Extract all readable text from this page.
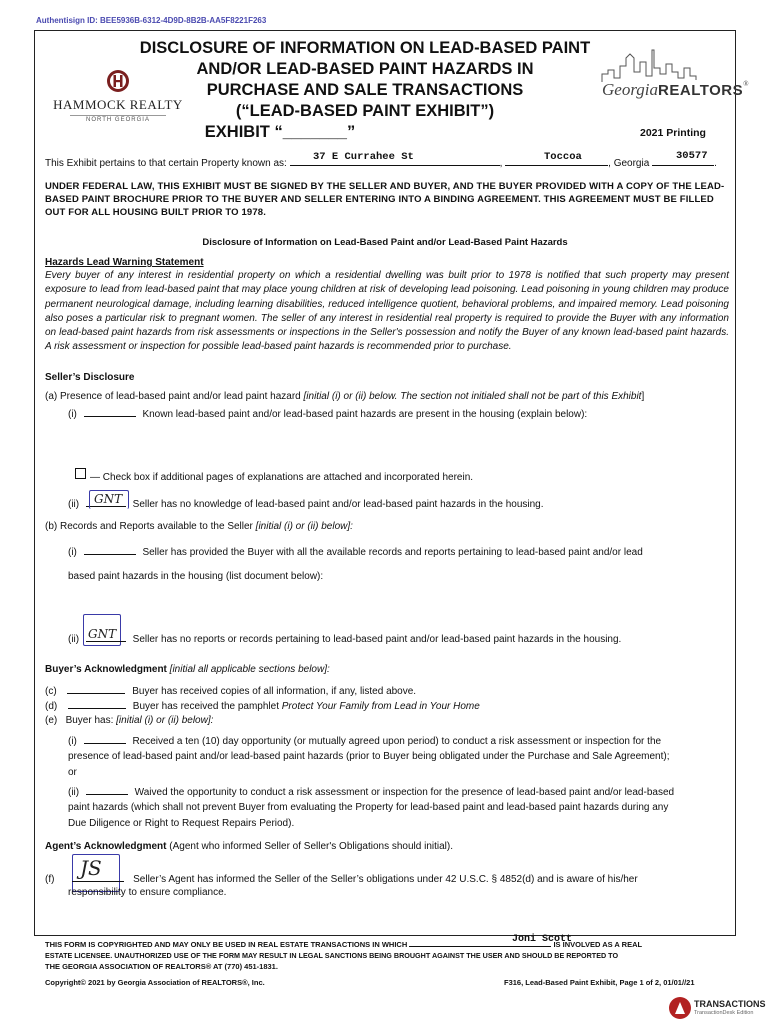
Authentisign ID: BEE5936B-6312-4D9D-8B2B-AA5F8221F263
HAMMOCK REALTY
NORTH GEORGIA
DISCLOSURE OF INFORMATION ON LEAD-BASED PAINT
AND/OR LEAD-BASED PAINT HAZARDS IN
PURCHASE AND SALE TRANSACTIONS
(“LEAD-BASED PAINT EXHIBIT”)
EXHIBIT “_______”
GeorgiaREALTORS®
2021 Printing
This Exhibit pertains to that certain Property known as:	,	, Georgia	.
37 E Currahee St	Toccoa	30577
UNDER FEDERAL LAW, THIS EXHIBIT MUST BE SIGNED BY THE SELLER AND BUYER, AND THE BUYER PROVIDED WITH A COPY OF THE LEAD-BASED PAINT BROCHURE PRIOR TO THE BUYER AND SELLER ENTERING INTO A BINDING AGREEMENT. THIS AGREEMENT MUST BE FILLED OUT FOR ALL HOUSING BUILT PRIOR TO 1978.
Disclosure of Information on Lead-Based Paint and/or Lead-Based Paint Hazards
Hazards Lead Warning Statement
Every buyer of any interest in residential property on which a residential dwelling was built prior to 1978 is notified that such property may present exposure to lead from lead-based paint that may place young children at risk of developing lead poisoning. Lead poisoning in young children may produce permanent neurological damage, including learning disabilities, reduced intelligence quotient, behavioral problems, and impaired memory. Lead poisoning also poses a particular risk to pregnant women. The seller of any interest in residential real property is required to provide the Buyer with any information on lead-based paint hazards from risk assessments or inspections in the Seller's possession and notify the Buyer of any known lead-based paint hazards. A risk assessment or inspection for possible lead-based paint hazards is recommended prior to purchase.
Seller’s Disclosure
(a) Presence of lead-based paint and/or lead paint hazard [initial (i) or (ii) below. The section not initialed shall not be part of this Exhibit]
(i)	Known lead-based paint and/or lead-based paint hazards are present in the housing (explain below):
— Check box if additional pages of explanations are attached and incorporated herein.
(ii)	Seller has no knowledge of lead-based paint and/or lead-based paint hazards in the housing.
GNT
(b) Records and Reports available to the Seller [initial (i) or (ii) below]:
(i)	Seller has provided the Buyer with all the available records and reports pertaining to lead-based paint and/or lead
based paint hazards in the housing (list document below):
(ii)	Seller has no reports or records pertaining to lead-based paint and/or lead-based paint hazards in the housing.
GNT
Buyer’s Acknowledgment [initial all applicable sections below]:
(c)	Buyer has received copies of all information, if any, listed above.
(d)	Buyer has received the pamphlet Protect Your Family from Lead in Your Home
(e)   Buyer has: [initial (i) or (ii) below]:
(i)	Received a ten (10) day opportunity (or mutually agreed upon period) to conduct a risk assessment or inspection for the
presence of lead-based paint and/or lead-based paint hazards (prior to Buyer being obligated under the Purchase and Sale Agreement);
or
(ii)	Waived the opportunity to conduct a risk assessment or inspection for the presence of lead-based paint and/or lead-based
paint hazards (which shall not prevent Buyer from evaluating the Property for lead-based paint and lead-based paint hazards during any
Due Diligence or Right to Request Repairs Period).
Agent’s Acknowledgment (Agent who informed Seller of Seller's Obligations should initial).
JS
(f)	Seller’s Agent has informed the Seller of the Seller’s obligations under 42 U.S.C. § 4852(d) and is aware of his/her
responsibility to ensure compliance.
THIS FORM IS COPYRIGHTED AND MAY ONLY BE USED IN REAL ESTATE TRANSACTIONS IN WHICH	IS INVOLVED AS A REAL
Joni Scott
ESTATE LICENSEE. UNAUTHORIZED USE OF THE FORM MAY RESULT IN LEGAL SANCTIONS BEING BROUGHT AGAINST THE USER AND SHOULD BE REPORTED TO
THE GEORGIA ASSOCIATION OF REALTORS® AT (770) 451-1831.
Copyright© 2021 by Georgia Association of REALTORS®, Inc.	F316, Lead-Based Paint Exhibit, Page 1 of 2, 01/01//21
TRANSACTIONS
TransactionDesk Edition
